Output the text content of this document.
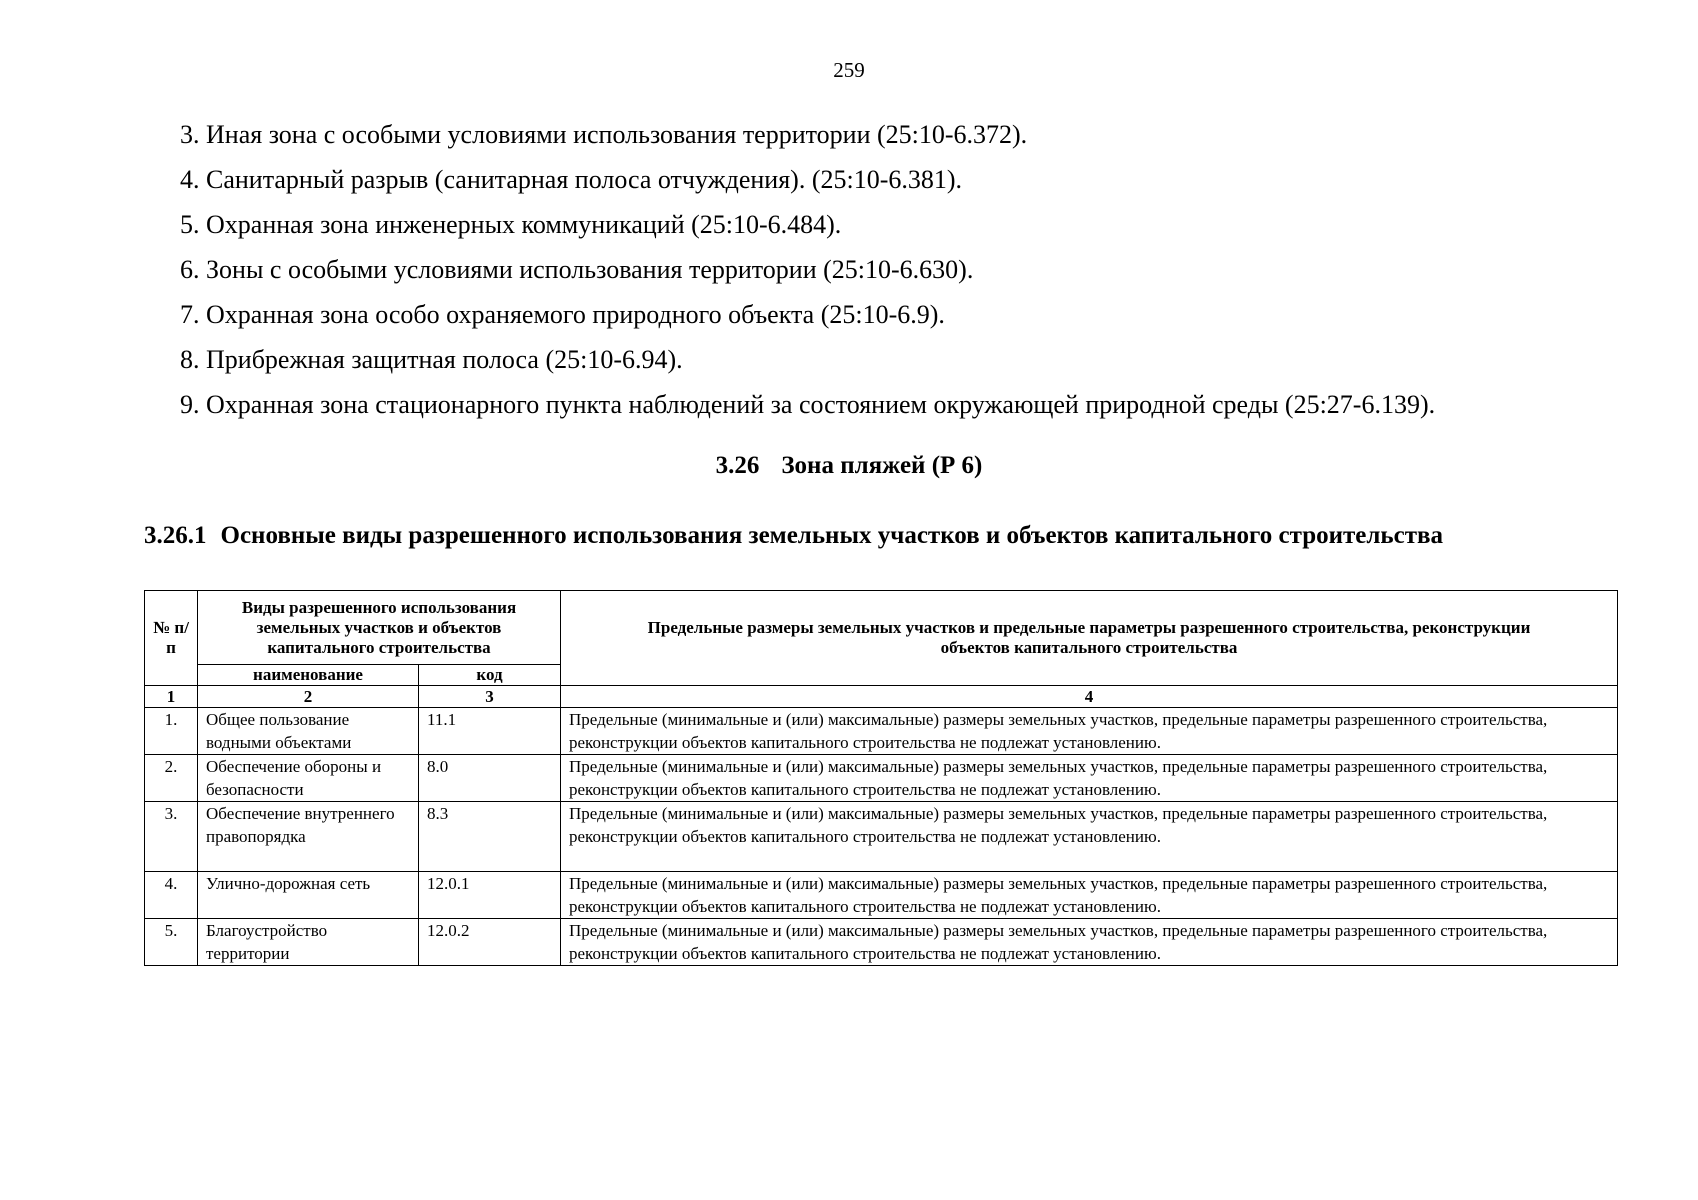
259
3. Иная зона с особыми условиями использования территории (25:10-6.372).
4. Санитарный разрыв (санитарная полоса отчуждения). (25:10-6.381).
5. Охранная зона инженерных коммуникаций (25:10-6.484).
6. Зоны с особыми условиями использования территории (25:10-6.630).
7. Охранная зона особо охраняемого природного объекта (25:10-6.9).
8. Прибрежная защитная полоса (25:10-6.94).
9. Охранная зона стационарного пункта наблюдений за состоянием окружающей природной среды (25:27-6.139).
3.26 Зона пляжей (Р 6)
3.26.1 Основные виды разрешенного использования земельных участков и объектов капитального строительства
№ п/п	Виды разрешенного использования земельных участков и объектов капитального строительства		Предельные размеры земельных участков и предельные параметры разрешенного строительства, реконструкции объектов капитального строительства
	наименование	код	
1	2	3	4
1.	Общее пользование водными объектами	11.1	Предельные (минимальные и (или) максимальные) размеры земельных участков, предельные параметры разрешенного строительства, реконструкции объектов капитального строительства не подлежат установлению.
2.	Обеспечение обороны и безопасности	8.0	Предельные (минимальные и (или) максимальные) размеры земельных участков, предельные параметры разрешенного строительства, реконструкции объектов капитального строительства не подлежат установлению.
3.	Обеспечение внутреннего правопорядка	8.3	Предельные (минимальные и (или) максимальные) размеры земельных участков, предельные параметры разрешенного строительства, реконструкции объектов капитального строительства не подлежат установлению.
4.	Улично-дорожная сеть	12.0.1	Предельные (минимальные и (или) максимальные) размеры земельных участков, предельные параметры разрешенного строительства, реконструкции объектов капитального строительства не подлежат установлению.
5.	Благоустройство территории	12.0.2	Предельные (минимальные и (или) максимальные) размеры земельных участков, предельные параметры разрешенного строительства, реконструкции объектов капитального строительства не подлежат установлению.
